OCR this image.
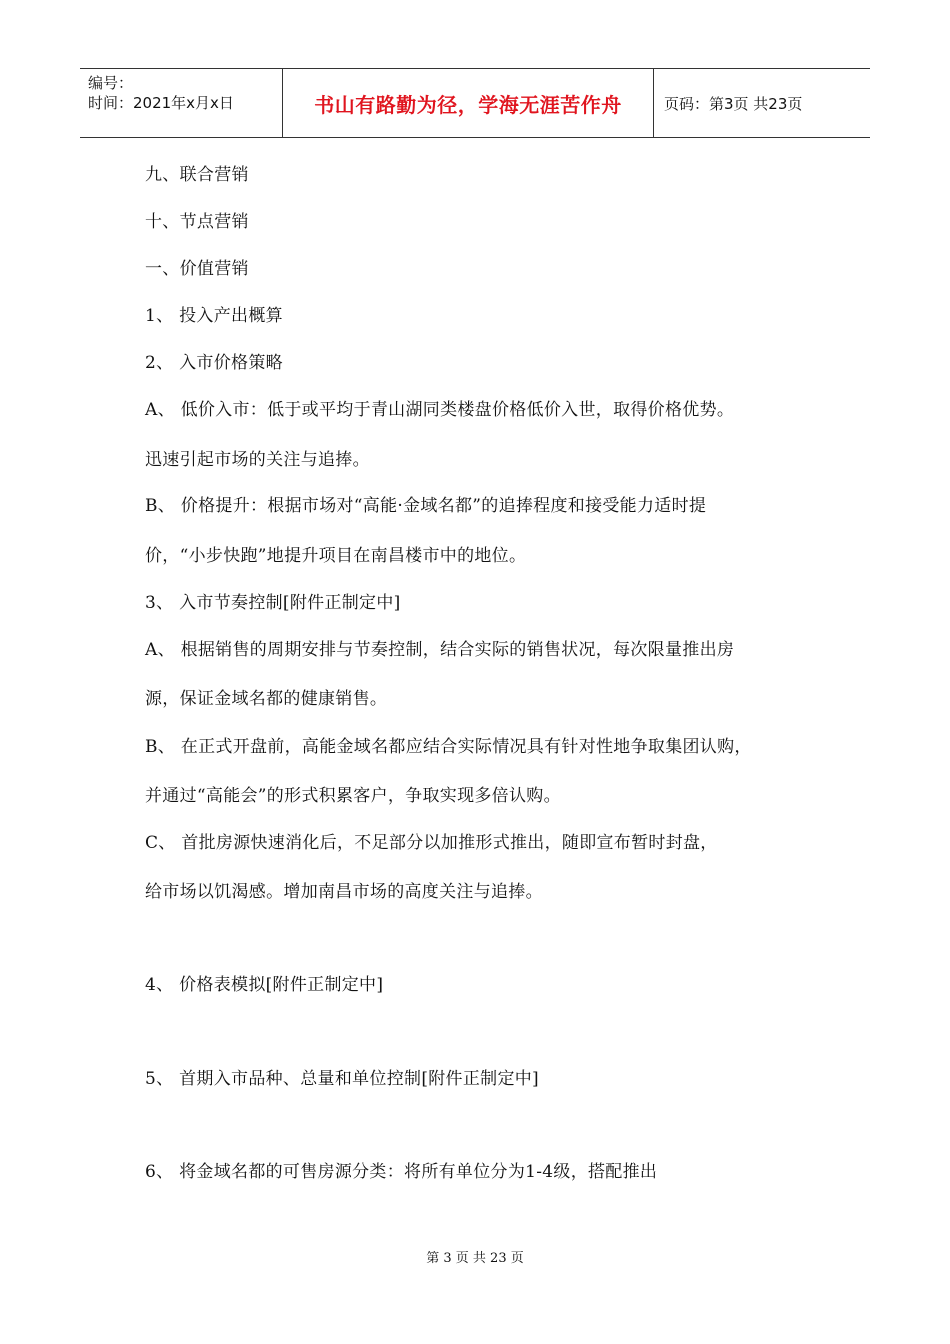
编号：
时间：2021年x月x日	书山有路勤为径，学海无涯苦作舟	页码：第3页 共23页
九、联合营销
十、节点营销
一、价值营销
1、 投入产出概算
2、 入市价格策略
A、 低价入市：低于或平均于青山湖同类楼盘价格低价入世，取得价格优势。
迅速引起市场的关注与追捧。
B、 价格提升：根据市场对“高能·金域名都”的追捧程度和接受能力适时提
价，“小步快跑”地提升项目在南昌楼市中的地位。
3、 入市节奏控制[附件正制定中]
A、 根据销售的周期安排与节奏控制，结合实际的销售状况，每次限量推出房
源，保证金域名都的健康销售。
B、 在正式开盘前，高能金域名都应结合实际情况具有针对性地争取集团认购，
并通过“高能会”的形式积累客户，争取实现多倍认购。
C、 首批房源快速消化后，不足部分以加推形式推出，随即宣布暂时封盘，
给市场以饥渴感。增加南昌市场的高度关注与追捧。
4、 价格表模拟[附件正制定中]
5、 首期入市品种、总量和单位控制[附件正制定中]
6、 将金域名都的可售房源分类：将所有单位分为1-4级，搭配推出
第 3 页 共 23 页
